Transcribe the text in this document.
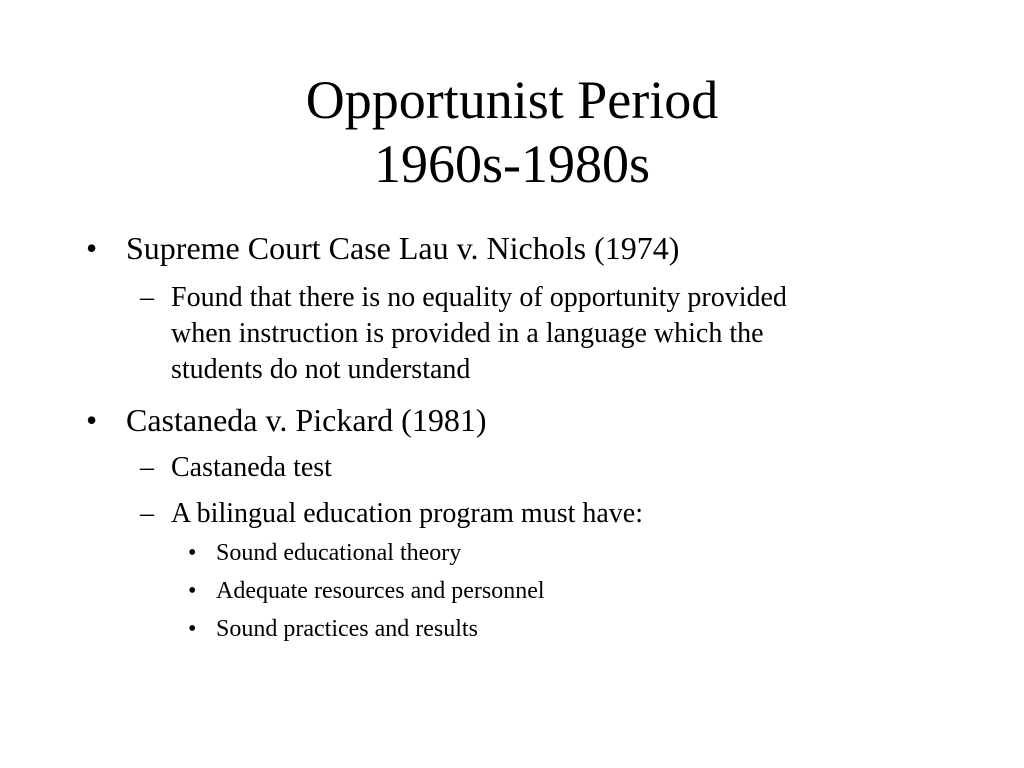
Opportunist Period
1960s-1980s
• Supreme Court Case Lau v. Nichols (1974)
– Found that there is no equality of opportunity provided
when instruction is provided in a language which the
students do not understand
• Castaneda v. Pickard (1981)
– Castaneda test
– A bilingual education program must have:
• Sound educational theory
• Adequate resources and personnel
• Sound practices and results
